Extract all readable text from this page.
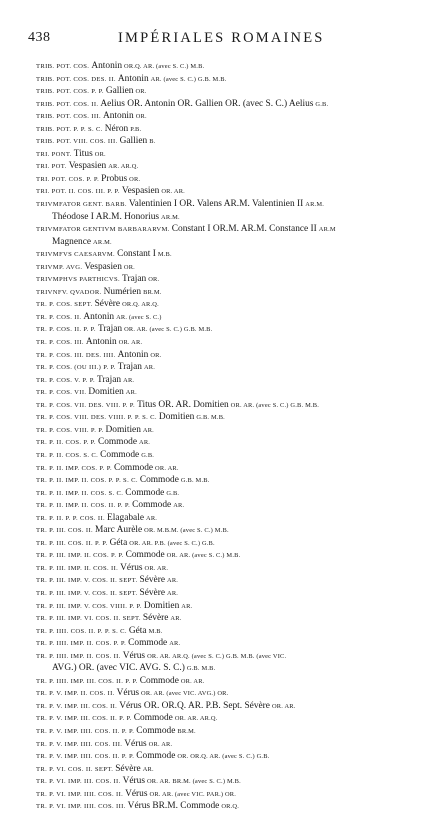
438	IMPÉRIALES ROMAINES
TRIB. POT. COS. Antonin OR.Q. AR. (avec S. C.) M.B.
TRIB. POT. COS. DES. II. Antonin AR. (avec S. C.) G.B. M.B.
TRIB. POT. COS. P. P. Gallien OR.
TRIB. POT. COS. II. Aelius OR. Antonin OR. Gallien OR. (avec S. C.) Aelius G.B.
TRIB. POT. COS. III. Antonin OR.
TRIB. POT. P. P. S. C. Néron P.B.
TRIB. POT. VIII. COS. III. Gallien B.
TRI. PONT. Titus OR.
TRI. POT. Vespasien AR. AR.Q.
TRI. POT. COS. P. P. Probus OR.
TRI. POT. II. COS. III. P. P. Vespasien OR. AR.
TRIVMFATOR GENT. BARB. Valentinien I OR. Valens AR.M. Valentinien II AR.M.
Théodose I AR.M. Honorius AR.M.
TRIVMFATOR GENTIVM BARBARARVM. Constant I OR.M. AR.M. Constance II AR.M
Magnence AR.M.
TRIVMFVS CAESARVM. Constant I M.B.
TRIVMP. AVG. Vespasien OR.
TRIVMPHVS PARTHICVS. Trajan OR.
TRIVNFV. QVADOR. Numérien BR.M.
TR. P. COS. SEPT. Sévère OR.Q. AR.Q.
TR. P. COS. II. Antonin AR. (avec S. C.)
TR. P. COS. II. P. P. Trajan OR. AR. (avec S. C.) G.B. M.B.
TR. P. COS. III. Antonin OR. AR.
TR. P. COS. III. DES. IIII. Antonin OR.
TR. P. COS. (OU III.) P. P. Trajan AR.
TR. P. COS. V. P. P. Trajan AR.
TR. P. COS. VII. Domitien AR.
TR. P. COS. VII. DES. VIII. P. P. Titus OR. AR. Domitien OR. AR. (avec S. C.) G.B. M.B.
TR. P. COS. VIII. DES. VIIII. P. P. S. C. Domitien G.B. M.B.
TR. P. COS. VIII. P. P. Domitien AR.
TR. P. II. COS. P. P. Commode AR.
TR. P. II. COS. S. C. Commode G.B.
TR. P. II. IMP. COS. P. P. Commode OR. AR.
TR. P. II. IMP. II. COS. P. P. S. C. Commode G.B. M.B.
TR. P. II. IMP. II. COS. S. C. Commode G.B.
TR. P. II. IMP. II. COS. II. P. P. Commode AR.
TR. P. II. P. P. COS. II. Elagabale AR.
TR. P. III. COS. II. Marc Aurèle OR. M.B.M. (avec S. C.) M.B.
TR. P. III. COS. II. P. P. Géta OR. AR. P.B. (avec S. C.) G.B.
TR. P. III. IMP. II. COS. P. P. Commode OR. AR. (avec S. C.) M.B.
TR. P. III. IMP. II. COS. II. Vérus OR. AR.
TR. P. III. IMP. V. COS. II. SEPT. Sévère AR.
TR. P. III. IMP. V. COS. II. SEPT. Sévère AR.
TR. P. III. IMP. V. COS. VIIII. P. P. Domitien AR.
TR. P. III. IMP. VI. COS. II. SEPT. Sévère AR.
TR. P. IIII. COS. II. P. P. S. C. Géta M.B.
TR. P. IIII. IMP. II. COS. P. P. Commode AR.
TR. P. IIII. IMP. II. COS. II. Vérus OR. AR. AR.Q. (avec S. C.) G.B. M.B. (avec VIC.
AVG.) OR. (avec VIC. AVG. S. C.) G.B. M.B.
TR. P. IIII. IMP. III. COS. II. P. P. Commode OR. AR.
TR. P. V. IMP. II. COS. II. Vérus OR. AR. (avec VIC. AVG.) OR.
TR. P. V. IMP. III. COS. II. Vérus OR. OR.Q. AR. P.B. Sept. Sévère OR. AR.
TR. P. V. IMP. III. COS. II. P. P. Commode OR. AR. AR.Q.
TR. P. V. IMP. IIII. COS. II. P. P. Commode BR.M.
TR. P. V. IMP. IIII. COS. III. Vérus OR. AR.
TR. P. V. IMP. IIII. COS. II. P. P. Commode OR. OR.Q. AR. (avec S. C.) G.B.
TR. P. VI. COS. II. SEPT. Sévère AR.
TR. P. VI. IMP. III. COS. II. Vérus OR. AR. BR.M. (avec S. C.) M.B.
TR. P. VI. IMP. IIII. COS. II. Vérus OR. AR. (avec VIC. PAR.) OR.
TR. P. VI. IMP. IIII. COS. III. Vérus BR.M. Commode OR.Q.
